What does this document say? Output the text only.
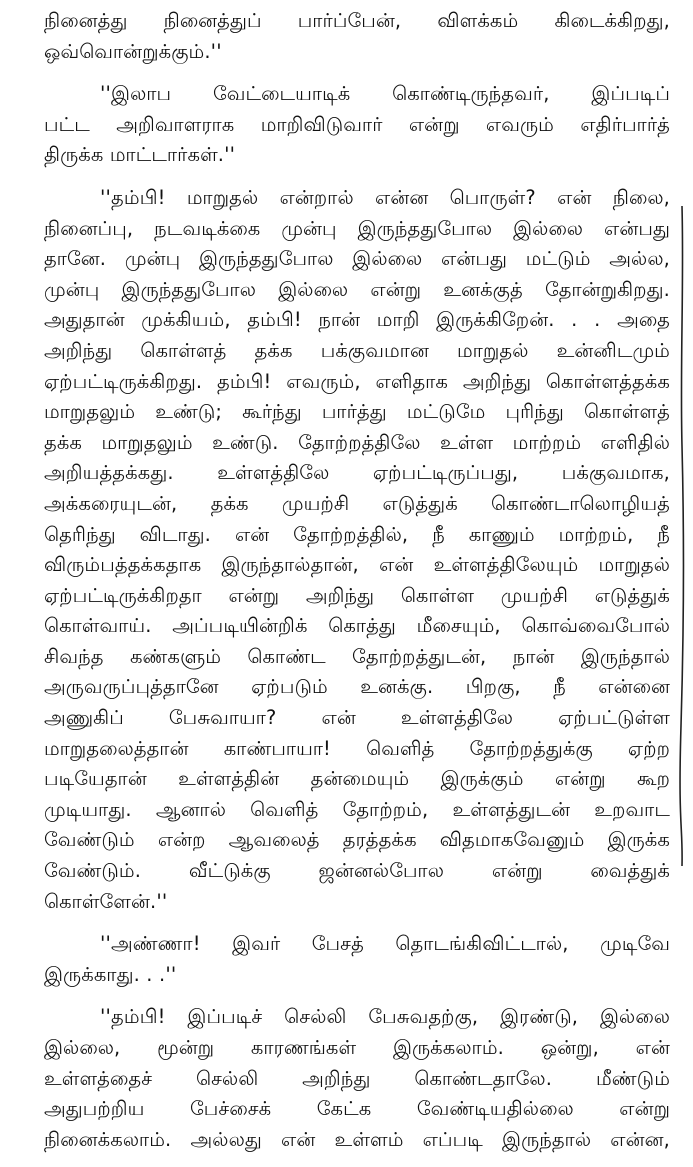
நினைத்து நினைத்துப் பார்ப்பேன், விளக்கம் கிடைக்கிறது,
ஒவ்வொன்றுக்கும்.''
''இலாப வேட்டையாடிக் கொண்டிருந்தவர், இப்படிப்
பட்ட அறிவாளராக மாறிவிடுவார் என்று எவரும் எதிர்பார்த்
திருக்க மாட்டார்கள்.''
''தம்பி! மாறுதல் என்றால் என்ன பொருள்? என் நிலை,
நினைப்பு, நடவடிக்கை முன்பு இருந்ததுபோல இல்லை என்பது
தானே. முன்பு இருந்ததுபோல இல்லை என்பது மட்டும் அல்ல,
முன்பு இருந்ததுபோல இல்லை என்று உனக்குத் தோன்றுகிறது.
அதுதான் முக்கியம், தம்பி! நான் மாறி இருக்கிறேன். . . அதை
அறிந்து கொள்ளத் தக்க பக்குவமான மாறுதல் உன்னிடமும்
ஏற்பட்டிருக்கிறது. தம்பி! எவரும், எளிதாக அறிந்து கொள்ளத்தக்க
மாறுதலும் உண்டு; கூர்ந்து பார்த்து மட்டுமே புரிந்து கொள்ளத்
தக்க மாறுதலும் உண்டு. தோற்றத்திலே உள்ள மாற்றம் எளிதில்
அறியத்தக்கது. உள்ளத்திலே ஏற்பட்டிருப்பது, பக்குவமாக,
அக்கரையுடன், தக்க முயற்சி எடுத்துக் கொண்டாலொழியத்
தெரிந்து விடாது. என் தோற்றத்தில், நீ காணும் மாற்றம், நீ
விரும்பத்தக்கதாக இருந்தால்தான், என் உள்ளத்திலேயும் மாறுதல்
ஏற்பட்டிருக்கிறதா என்று அறிந்து கொள்ள முயற்சி எடுத்துக்
கொள்வாய். அப்படியின்றிக் கொத்து மீசையும், கொவ்வைபோல்
சிவந்த கண்களும் கொண்ட தோற்றத்துடன், நான் இருந்தால்
அருவருப்புத்தானே ஏற்படும் உனக்கு. பிறகு, நீ என்னை
அணுகிப் பேசுவாயா? என் உள்ளத்திலே ஏற்பட்டுள்ள
மாறுதலைத்தான் காண்பாயா! வெளித் தோற்றத்துக்கு ஏற்ற
படியேதான் உள்ளத்தின் தன்மையும் இருக்கும் என்று கூற
முடியாது. ஆனால் வெளித் தோற்றம், உள்ளத்துடன் உறவாட
வேண்டும் என்ற ஆவலைத் தரத்தக்க விதமாகவேனும் இருக்க
வேண்டும். வீட்டுக்கு ஜன்னல்போல என்று வைத்துக்
கொள்ளேன்.''
''அண்ணா! இவர் பேசத் தொடங்கிவிட்டால், முடிவே
இருக்காது. . .''
''தம்பி! இப்படிச் செல்லி பேசுவதற்கு, இரண்டு, இல்லை
இல்லை, மூன்று காரணங்கள் இருக்கலாம். ஒன்று, என்
உள்ளத்தைச் செல்லி அறிந்து கொண்டதாலே. மீண்டும்
அதுபற்றிய பேச்சைக் கேட்க வேண்டியதில்லை என்று
நினைக்கலாம். அல்லது என் உள்ளம் எப்படி இருந்தால் என்ன,
